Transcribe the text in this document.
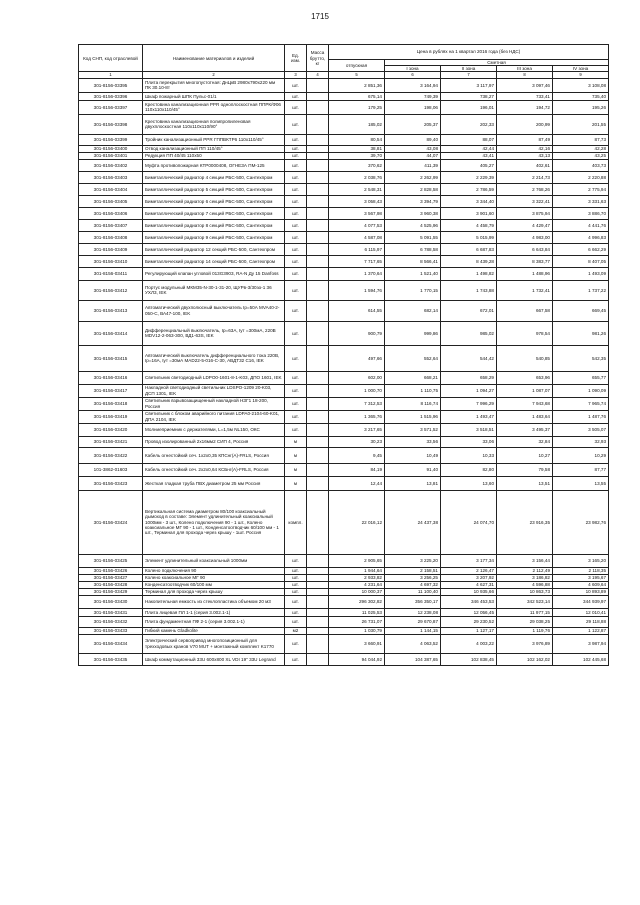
1715
Код СНП, код отраслевой	Наименование материалов и изделий	Ед. изм.	Масса брутто, кг	Цена в рублях на 1 квартал 2016 года (без НДС)				
				отпускная	Сметная			
					I зона	II зона	III зона	IV зона

1	2	3	4	5	6	7	8	9
301-8156-03395	Плита перекрытия многопустотная: ДнЦкВ 2980х790х220 мм ПК 30.10-8т	шт.		2 851,36	3 164,94	3 117,97	3 097,46	3 108,08
301-8156-03396	Шкаф пожарный ШПК Пульс-01/1	шт.		675,14	749,39	738,27	733,41	735,40
301-8156-03397	Крестовина канализационная PPR одноплоскостная ППРК/Ф06 110х110х110/45°	шт.		179,25	198,06	196,01	194,72	195,26
301-8156-03398	Крестовина канализационная полипропиленовая двухплоскостная 110х110х110/90°	шт.		185,02	205,37	202,33	200,99	201,55
301-8156-03399	Тройник канализационный PPR ГППВКТР6 110х110/45°	шт.		80,54	89,40	88,07	87,49	87,73
301-8156-03400	Отвод канализационный ПП 110/45°	шт.		38,81	43,08	42,44	42,16	42,28
301-8156-03401	Редукция ПП 40/45 110х50	шт.		39,70	44,07	43,41	43,13	43,25
301-8156-03402	Муфта противопожарная КТР0000408, ОГНЕЗА ПМ-125	шт.		370,62	411,39	405,27	402,61	403,73
301-8156-03403	Биметаллический радиатор 4 секции РБС-500, Сантехпром	шт.		2 038,76	2 262,99	2 229,39	2 214,73	2 220,88
301-8156-03404	Биметаллический радиатор 5 секций РБС-500, Сантехпром	шт.		2 548,31	2 828,58	2 786,59	2 768,26	2 775,94
301-8156-03405	Биметаллический радиатор 6 секций РБС-500, Сантехпром	шт.		3 058,43	3 394,79	3 344,40	3 322,41	3 331,63
301-8156-03406	Биметаллический радиатор 7 секций РБС-500, Сантехпром	шт.		3 567,98	3 960,38	3 901,60	3 875,94	3 886,70
301-8156-03407	Биметаллический радиатор 8 секций РБС-500, Сантехпром	шт.		4 077,53	4 525,96	4 458,79	4 429,47	4 441,76
301-8156-03408	Биметаллический радиатор 9 секций РБС-500, Сантехпром	шт.		4 587,08	5 091,55	5 015,99	4 983,00	4 996,83
301-8156-03409	Биметаллический радиатор 12 секций РБС-500, Сантехпром	шт.		6 115,97	6 788,58	6 687,83	6 643,84	6 662,29
301-8156-03410	Биметаллический радиатор 14 секций РБС-500, Сантехпром	шт.		7 717,65	8 566,41	8 439,28	8 383,77	8 407,05
301-8156-03411	Регулирующий клапан угловой 013G3903, RA-N Ду 15 Danfoss	шт.		1 370,64	1 521,40	1 498,82	1 488,96	1 493,09
301-8156-03412	Портус модульный МКМ35-N-30-1-31-20, ЩУРв-3/30зо-1 36 УХЛ3, IEK	шт.		1 594,76	1 770,15	1 743,88	1 732,41	1 737,22
301-8156-03413	Автоматический двухполюсный выключатель Ip=50А MVA40-2-050-C, ВА47-100, IEK	шт.		614,55	682,14	672,01	667,58	669,45
301-8156-03414	Дифференциальный выключатель, Ip=63А, Iут =300мА, 220В MDV12-2-063-300, ВД1-63S, IEK	шт.		900,79	999,86	985,02	978,54	981,26
301-8156-03415	Автоматический выключатель дифференциального тока 220В, Ip=16А, Iут =30мА MAD22-5-016-C-30, АВДТ32 C16, IEK	шт.		497,66	552,64	544,42	540,85	542,35
301-8156-03416	Светильник светодиодный LDPO0-1601-8-1-K03, ДПО 1601, IEK	шт.		602,00	668,21	658,29	653,96	655,77
301-8156-03417	Накладной светодиодный светильник LDSPO-1209 20-K03, ДСП 1301, IEK	шт.		1 000,70	1 110,75	1 094,27	1 087,07	1 090,09
301-8156-03418	Светильник взрывозащищенный накладной НЗГ1 18-200, Россия	шт.		7 312,53	8 116,74	7 996,29	7 943,68	7 965,74
301-8156-03419	Светильник с блоком аварийного питания LDPA0-2104-60-K01, ДПА 2104, IEK	шт.		1 365,76	1 515,96	1 493,47	1 483,64	1 487,76
301-8156-03420	Молниеприемник с держателями, L=1,5м NL150, ОКС	шт.		3 217,65	3 571,52	3 518,51	3 495,37	3 505,07
301-8156-03421	Провод изолированный 2х16мм2 СИП 4, Россия	м		30,23	33,56	33,06	32,84	32,93
301-8156-03422	Кабель огнестойкий сеч. 1х2х0,35 КПСнг(А)-FRLS, Россия	м		9,45	10,49	10,33	10,27	10,29
101-3862-01603	Кабель огнестойкий сеч. 2х2х0,64 КСБнг(А)-FRLS, Россия	м		84,19	91,40	82,80	79,58	87,77
301-8156-03423	Жесткая гладкая труба ПВХ диаметром 25 мм Россия	м		12,44	13,81	13,60	13,51	13,55
301-8156-03424	Вертикальная система диаметром 80/100 коаксиальный дымоход в составе: Элемент удлинительный коаксиальный 1000мм - 3 шт., Колено подключения 90 - 1 шт., Колено коаксиальное МГ 90 - 1 шт., Конденсатоотводчик 60/100 мм - 1 шт., Терминал для прохода через крышу - 1шт. Россия	компл.		22 016,12	24 437,38	24 074,70	23 916,35	23 982,76
301-8156-03425	Элемент удлинительный коаксиальный 1000мм	шт.		2 905,65	3 225,20	3 177,34	3 156,44	3 165,20
301-8156-03426	Колено подключения 90	шт.		1 944,64	2 158,51	2 126,47	2 112,49	2 118,35
301-8156-03427	Колено коаксиальное МГ 90	шт.		2 933,82	3 256,25	3 207,92	3 186,82	3 195,67
301-8156-03428	Конденсатоотводчик 60/100 мм	шт.		4 231,64	4 697,32	4 627,31	4 596,88	4 609,64
301-8156-03429	Терминал для прохода через крышу	шт.		10 000,37	11 100,40	10 935,66	10 863,73	10 893,89
301-8156-03430	Накопительная емкость из стеклопластика объемом 20 м3	шт.		296 302,82	356 350,17	346 453,53	342 523,14	344 939,97
301-8156-03431	Плита лицевая ПЛ 1-1 (серия 3.002.1-1)	шт.		11 025,53	12 238,08	12 056,45	11 977,15	12 010,41
301-8156-03432	Плита фундаментная ПФ 2-1 (серия 3.002.1-1)	шт.		26 731,07	29 670,87	29 230,52	29 038,25	29 118,88
301-8156-03433	Гибкий камень Gladkolite	м2		1 030,79	1 144,15	1 127,17	1 119,76	1 122,87
301-8156-03434	Электрический сервопривод многопозиционный для трехходовых кранов V70 MUT + монтажный комплект K1770	шт.		3 660,91	4 063,52	4 003,22	3 976,89	3 987,94
301-8156-03435	Шкаф коммутационный 33U 600х800 XL VDI 19" 33U Legrand	шт.		94 044,92	104 387,65	102 838,45	102 162,02	102 445,68
